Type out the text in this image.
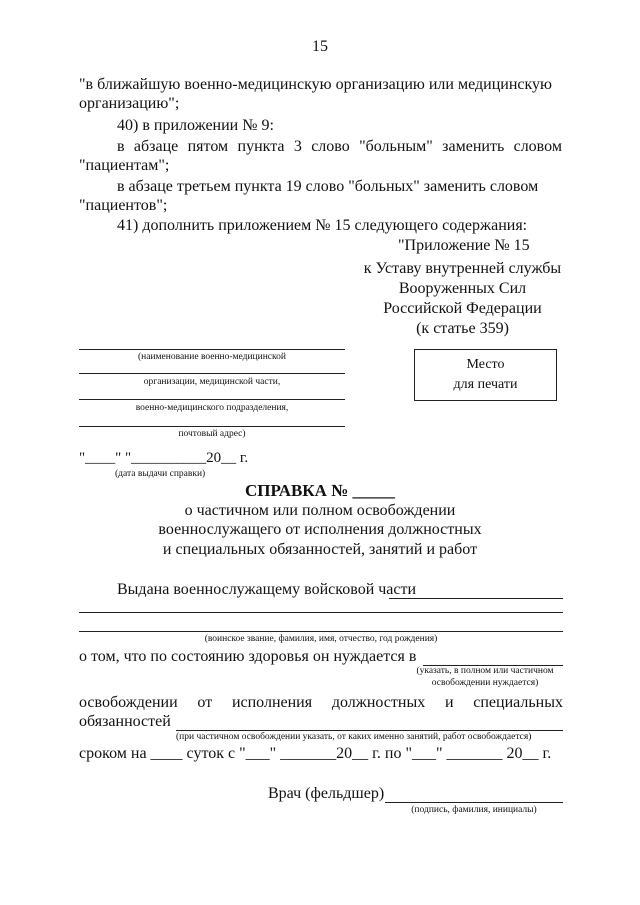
15
"в ближайшую военно-медицинскую организацию или медицинскую
организацию";
40) в приложении № 9:
в абзаце пятом пункта 3 слово "больным" заменить словом
"пациентам";
в абзаце третьем пункта 19 слово "больных" заменить словом
"пациентов";
41) дополнить приложением № 15 следующего содержания:
"Приложение № 15
к Уставу внутренней службы
Вооруженных Сил
Российской Федерации
(к статье 359)
(наименование военно-медицинской
организации, медицинской части,
военно-медицинского подразделения,
почтовый адрес)
"____" "__________20__ г.
(дата выдачи справки)
Место
для печати
СПРАВКА № _____
о частичном или полном освобождении
военнослужащего от исполнения должностных
и специальных обязанностей, занятий и работ
Выдана военнослужащему войсковой части
(воинское звание, фамилия, имя, отчество, год рождения)
о том, что по состоянию здоровья он нуждается в
(указать, в полном или частичном
освобождении нуждается)
освобождении от исполнения должностных и специальных
обязанностей
(при частичном освобождении указать, от каких именно занятий, работ освобождается)
сроком на ____ суток с "___" _______20__ г. по "___" _______ 20__ г.
Врач (фельдшер)
(подпись, фамилия, инициалы)
